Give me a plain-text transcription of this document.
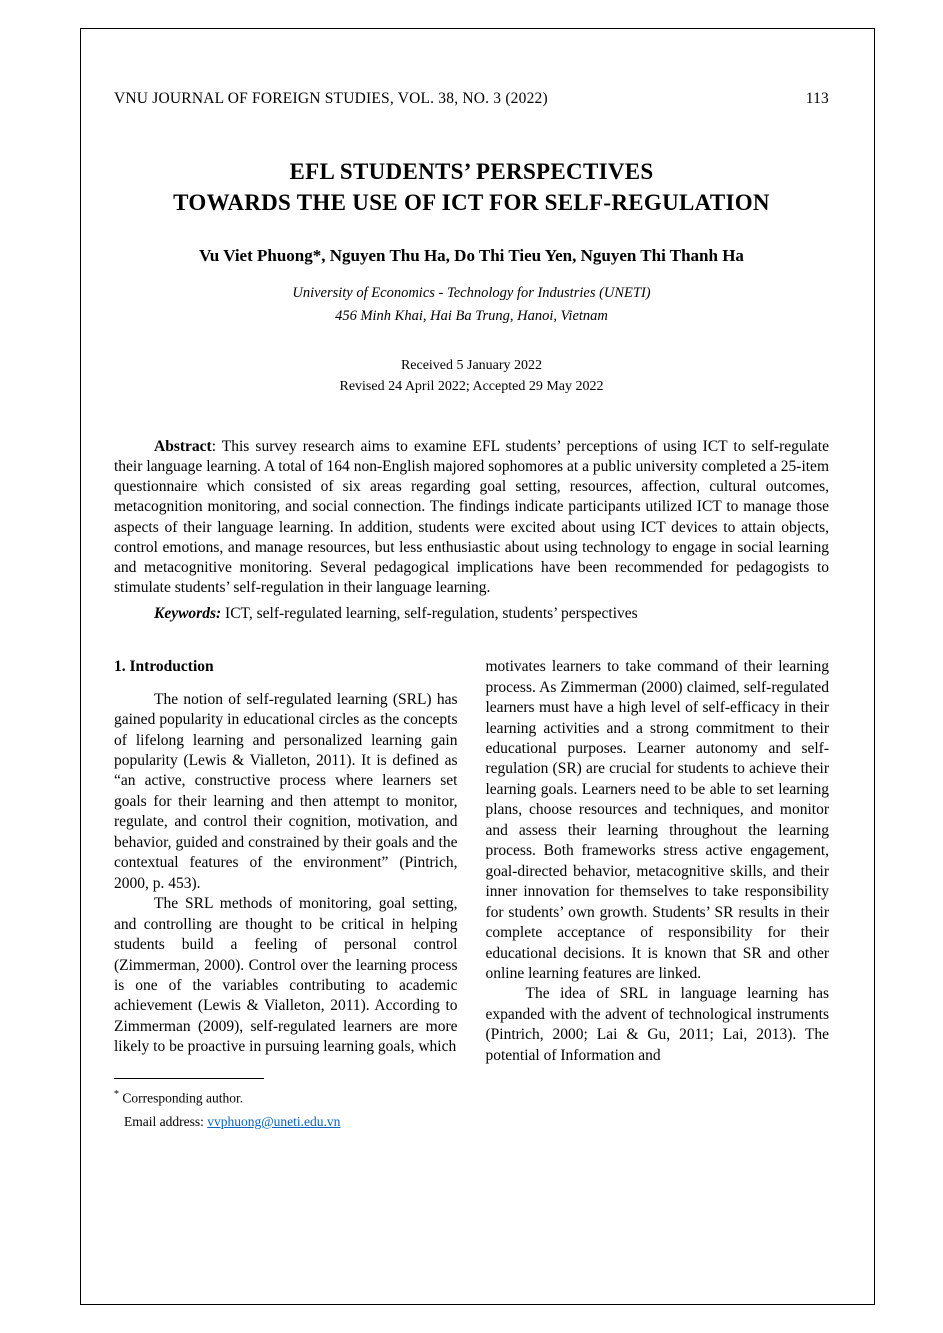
VNU JOURNAL OF FOREIGN STUDIES, VOL. 38, NO. 3 (2022)	113
EFL STUDENTS’ PERSPECTIVES
TOWARDS THE USE OF ICT FOR SELF-REGULATION
Vu Viet Phuong*, Nguyen Thu Ha, Do Thi Tieu Yen, Nguyen Thi Thanh Ha
University of Economics - Technology for Industries (UNETI)
456 Minh Khai, Hai Ba Trung, Hanoi, Vietnam
Received 5 January 2022
Revised 24 April 2022; Accepted 29 May 2022

Abstract: This survey research aims to examine EFL students’ perceptions of using ICT to self-regulate their language learning. A total of 164 non-English majored sophomores at a public university completed a 25-item questionnaire which consisted of six areas regarding goal setting, resources, affection, cultural outcomes, metacognition monitoring, and social connection. The findings indicate participants utilized ICT to manage those aspects of their language learning. In addition, students were excited about using ICT devices to attain objects, control emotions, and manage resources, but less enthusiastic about using technology to engage in social learning and metacognitive monitoring. Several pedagogical implications have been recommended for pedagogists to stimulate students’ self-regulation in their language learning.

Keywords: ICT, self-regulated learning, self-regulation, students’ perspectives

1. Introduction

The notion of self-regulated learning (SRL) has gained popularity in educational circles as the concepts of lifelong learning and personalized learning gain popularity (Lewis & Vialleton, 2011). It is defined as “an active, constructive process where learners set goals for their learning and then attempt to monitor, regulate, and control their cognition, motivation, and behavior, guided and constrained by their goals and the contextual features of the environment” (Pintrich, 2000, p. 453).

The SRL methods of monitoring, goal setting, and controlling are thought to be critical in helping students build a feeling of personal control (Zimmerman, 2000). Control over the learning process is one of the variables contributing to academic achievement (Lewis & Vialleton, 2011). According to Zimmerman (2009), self-regulated learners are more likely to be proactive in pursuing learning goals, which

motivates learners to take command of their learning process. As Zimmerman (2000) claimed, self-regulated learners must have a high level of self-efficacy in their learning activities and a strong commitment to their educational purposes. Learner autonomy and self-regulation (SR) are crucial for students to achieve their learning goals. Learners need to be able to set learning plans, choose resources and techniques, and monitor and assess their learning throughout the learning process. Both frameworks stress active engagement, goal-directed behavior, metacognitive skills, and their inner innovation for themselves to take responsibility for students’ own growth. Students’ SR results in their complete acceptance of responsibility for their educational decisions. It is known that SR and other online learning features are linked.

The idea of SRL in language learning has expanded with the advent of technological instruments (Pintrich, 2000; Lai & Gu, 2011; Lai, 2013). The potential of Information and

* Corresponding author.
Email address: vvphuong@uneti.edu.vn
